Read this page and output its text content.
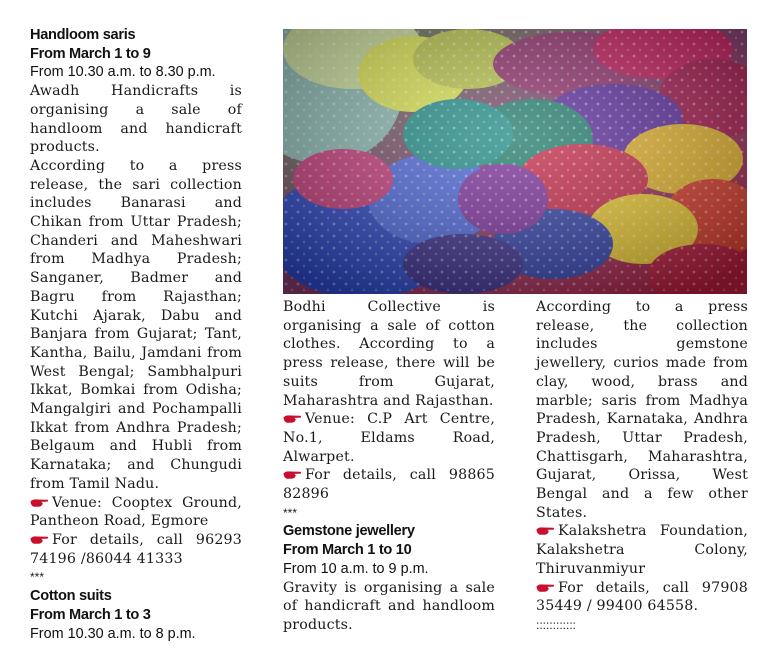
Handloom saris
From March 1 to 9
From 10.30 a.m. to 8.30 p.m.
Awadh Handicrafts is organising a sale of handloom and handicraft products.
According to a press release, the sari collection includes Banarasi and Chikan from Uttar Pradesh; Chanderi and Maheshwari from Madhya Pradesh; Sanganer, Badmer and Bagru from Rajasthan; Kutchi Ajarak, Dabu and Banjara from Gujarat; Tant, Kantha, Bailu, Jamdani from West Bengal; Sambhalpuri Ikkat, Bomkai from Odisha; Mangalgiri and Pochampalli Ikkat from Andhra Pradesh; Belgaum and Hubli from Karnataka; and Chungudi from Tamil Nadu.
Venue: Cooptex Ground, Pantheon Road, Egmore
For details, call 96293 74196 /86044 41333
***
Cotton suits
From March 1 to 3
From 10.30 a.m. to 8 p.m.
Bodhi Collective is organising a sale of cotton clothes. According to a press release, there will be suits from Gujarat, Maharashtra and Rajasthan.
Venue: C.P Art Centre, No.1, Eldams Road, Alwarpet.
For details, call 98865 82896
***
Gemstone jewellery
From March 1 to 10
From 10 a.m. to 9 p.m.
Gravity is organising a sale of handicraft and handloom products.
According to a press release, the collection includes gemstone jewellery, curios made from clay, wood, brass and marble; saris from Madhya Pradesh, Karnataka, Andhra Pradesh, Uttar Pradesh, Chattisgarh, Maharashtra, Gujarat, Orissa, West Bengal and a few other States.
Kalakshetra Foundation, Kalakshetra Colony, Thiruvanmiyur
For details, call 97908 35449 / 99400 64558.
::::::::::::
